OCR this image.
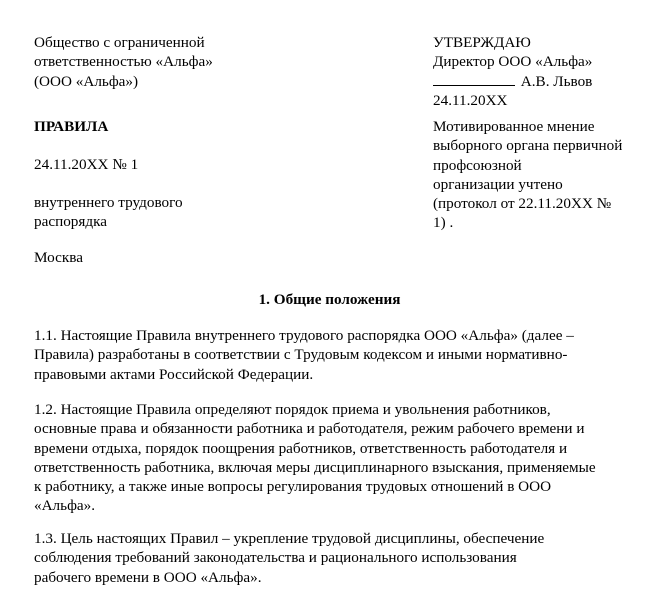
Общество с ограниченной
ответственностью «Альфа»
(ООО «Альфа»)
УТВЕРЖДАЮ
Директор ООО «Альфа»
А.В. Львов
24.11.20ХХ
ПРАВИЛА
24.11.20ХХ № 1
внутреннего трудового
распорядка
Москва
Мотивированное мнение
выборного органа первичной
профсоюзной
организации учтено
(протокол от 22.11.20ХХ №
1) .
1. Общие положения
1.1. Настоящие Правила внутреннего трудового распорядка ООО «Альфа» (далее –
Правила) разработаны в соответствии с Трудовым кодексом и иными нормативно-
правовыми актами Российской Федерации.
1.2. Настоящие Правила определяют порядок приема и увольнения работников,
основные права и обязанности работника и работодателя, режим рабочего времени и
времени отдыха, порядок поощрения работников, ответственность работодателя и
ответственность работника, включая меры дисциплинарного взыскания, применяемые
к работнику, а также иные вопросы регулирования трудовых отношений в ООО
«Альфа».
1.3. Цель настоящих Правил – укрепление трудовой дисциплины, обеспечение
соблюдения требований законодательства и рационального использования
рабочего времени в ООО «Альфа».
